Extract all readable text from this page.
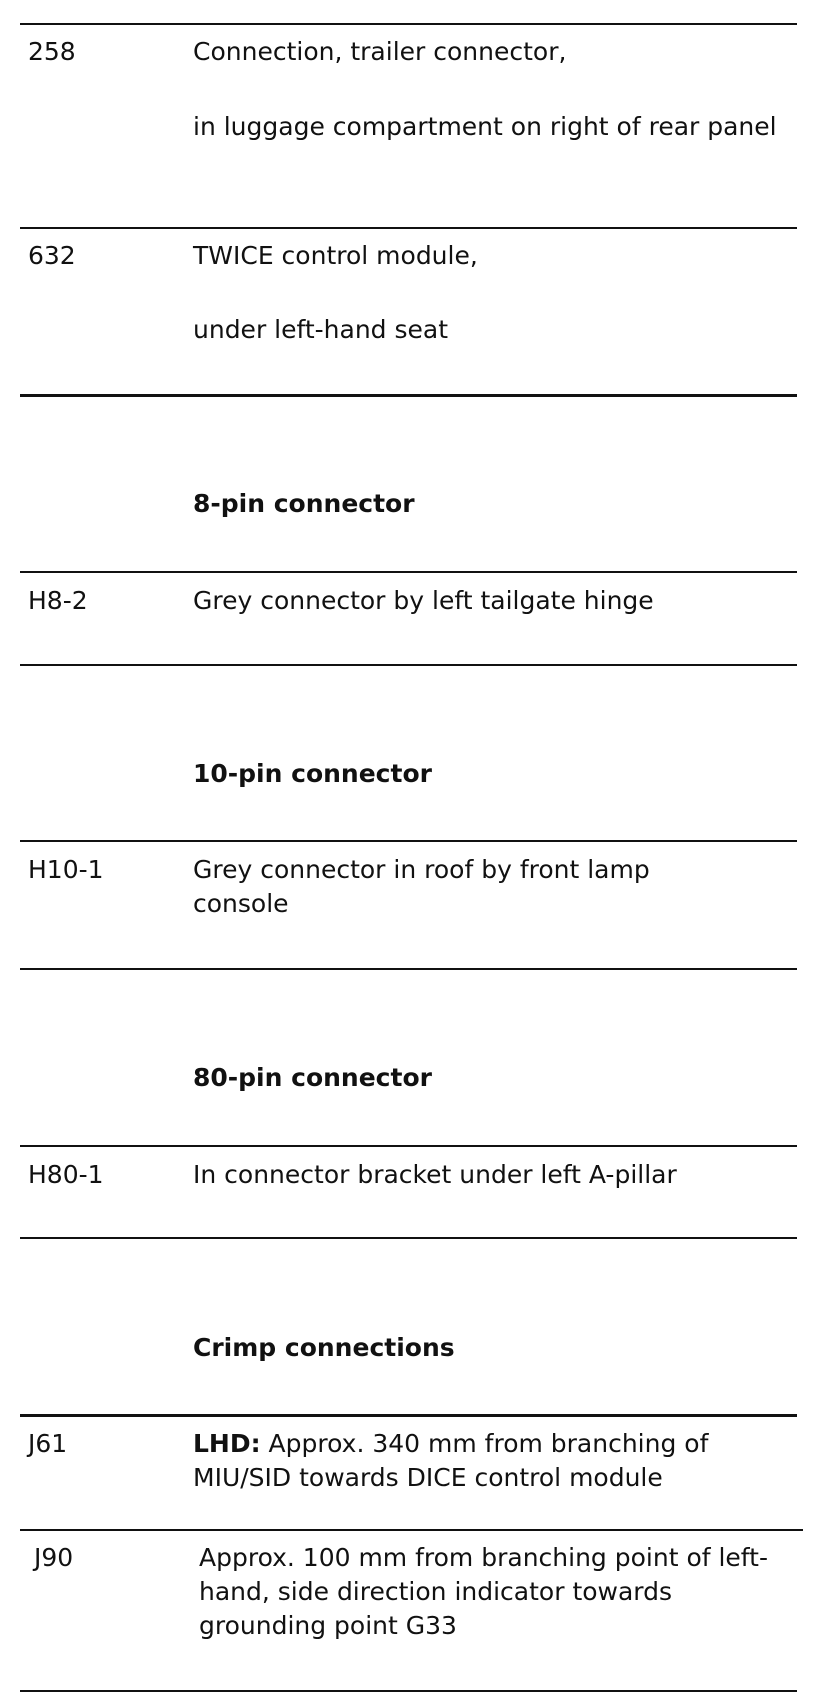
258	Connection, trailer connector,
in luggage compartment on right of rear panel
632	TWICE control module,
under left-hand seat
8-pin connector
H8-2	Grey connector by left tailgate hinge
10-pin connector
H10-1	Grey connector in roof by front lamp console
80-pin connector
H80-1	In connector bracket under left A-pillar
Crimp connections
J61	LHD: Approx. 340 mm from branching of MIU/SID towards DICE control module
J90	Approx. 100 mm from branching point of left-hand, side direction indicator towards grounding point G33
